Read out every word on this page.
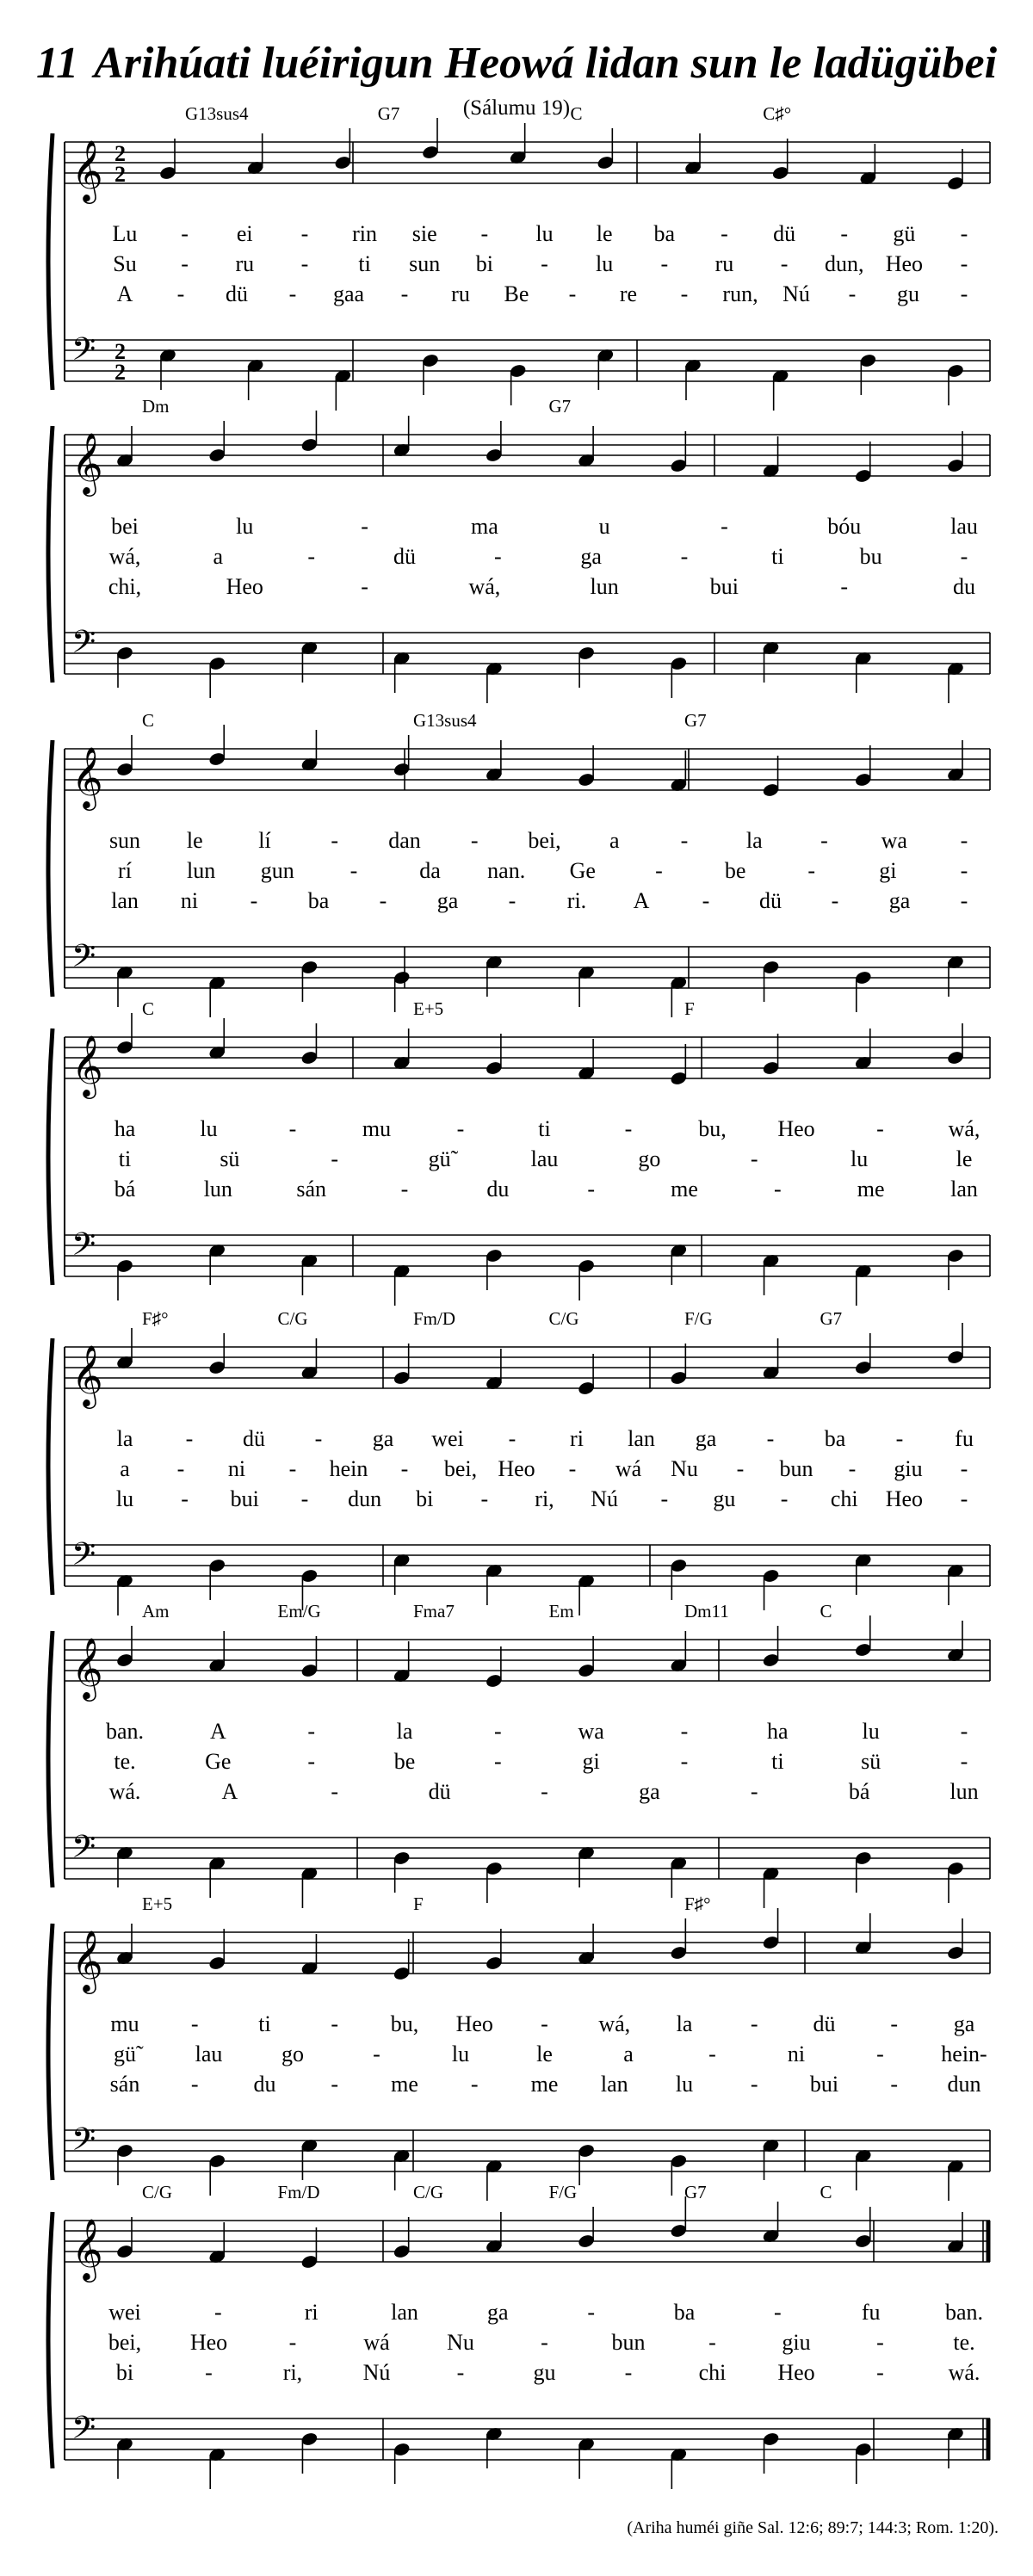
11 Arihúati luéirigun Heowá lidan sun le ladügübei
(Sálumu 19)
𝄞
𝄢
2
2
2
2
G13sus4	G7	C	C♯°
Lu - ei - rin sie - lu le ba - dü - gü -
Su - ru - ti sun bi - lu - ru - dun, Heo -
A - dü - gaa - ru Be - re - run, Nú - gu -
𝄞
𝄢
Dm	G7
bei	lu	-	ma	u	-	bóu	lau
wá,	a	-	dü	-	ga	-	ti	bu	-
chi,	Heo	-	wá,	lun	bui	-	du
𝄞
𝄢
C	G13sus4	G7
sun le lí	- dan - bei, a	-	la	- wa -
rí lun gun -	da nan. Ge	-	be	-	gi	-
lan ni - ba - ga - ri. A - dü - ga -
𝄞
𝄢
C	E+5	F
ha	lu	-	mu	-	ti	-	bu, Heo	-	wá,
ti	sü	-	gü̃	lau	go	-	lu	le
bá	lun	sán	-	du	-	me	-	me	lan
𝄞
𝄢
F♯°	C/G	Fm/D	C/G	F/G	G7
la - dü - ga wei - ri lan ga - ba - fu
a - ni - hein - bei, Heo - wá Nu - bun - giu -
lu - bui - dun bi - ri, Nú - gu - chi Heo -
𝄞
𝄢
Am	Em/G	Fma7	Em	Dm11	C
ban.	A	-	la	-	wa	-	ha	lu	-
te.	Ge	-	be	-	gi	-	ti	sü	-
wá.	A	-	dü	-	ga	-	bá	lun
𝄞
𝄢
E+5	F	F♯°
mu -	ti	- bu, Heo - wá, la	- dü - ga
gü̃	lau	go	-	lu	le	a	-	ni	-	hein-
sán - du - me - me lan lu	- bui - dun
𝄞
𝄢
C/G	Fm/D	C/G	F/G	G7	C
wei	-	ri	lan	ga	-	ba	-	fu	ban.
bei, Heo	-	wá	Nu	-	bun	-	giu	-	te.
bi	-	ri,	Nú	-	gu	-	chi Heo	-	wá.
(Ariha huméi giñe Sal. 12:6; 89:7; 144:3; Rom. 1:20).
